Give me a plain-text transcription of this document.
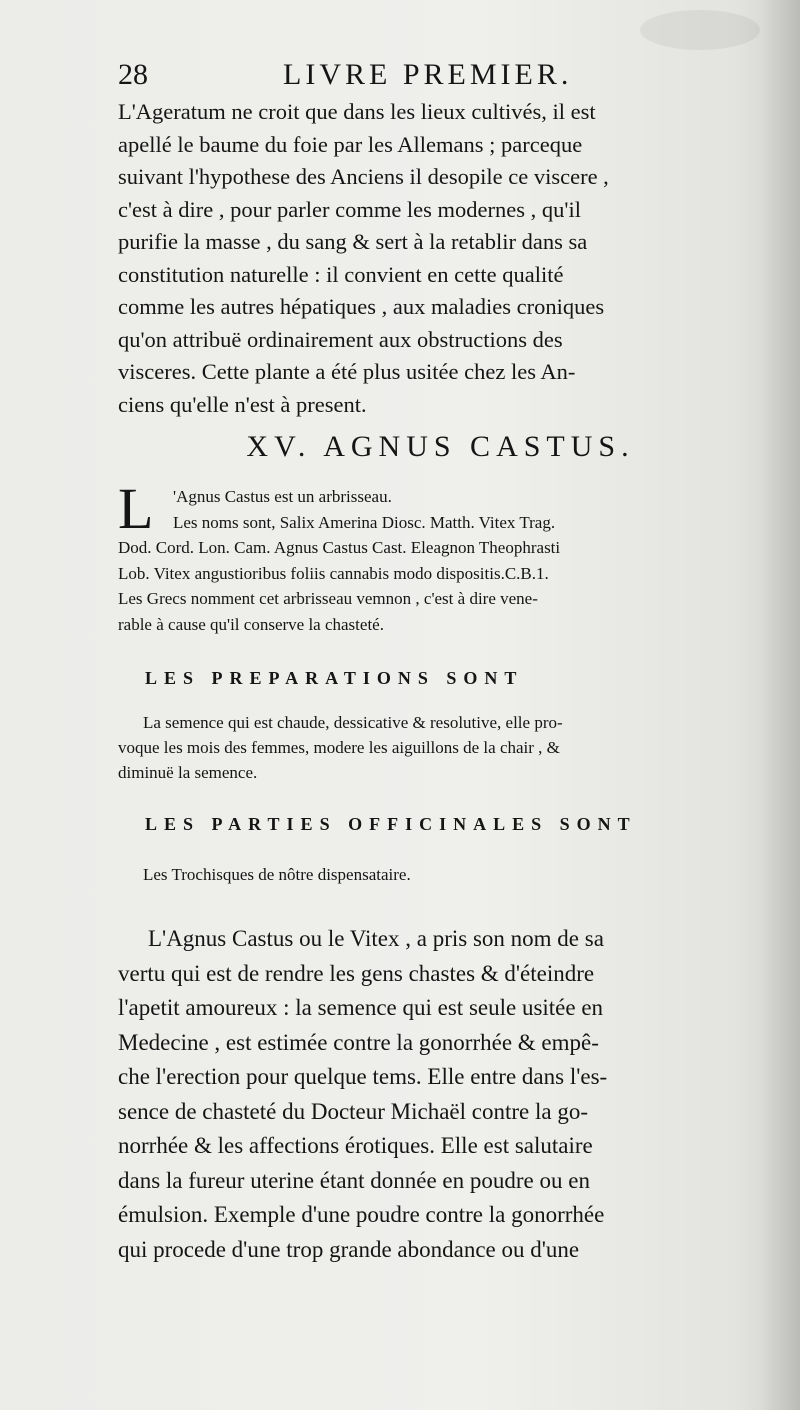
28	LIVRE PREMIER.
L'Ageratum ne croit que dans les lieux cultivés, il est
apellé le baume du foie par les Allemans ; parceque
suivant l'hypothese des Anciens il desopile ce viscere ,
c'est à dire , pour parler comme les modernes , qu'il
purifie la masse , du sang & sert à la retablir dans sa
constitution naturelle : il convient en cette qualité
comme les autres hépatiques , aux maladies croniques
qu'on attribuë ordinairement aux obstructions des
visceres. Cette plante a été plus usitée chez les An-
ciens qu'elle n'est à present.
XV. AGNUS CASTUS.
L	'Agnus Castus est un arbrisseau.
Les noms sont, Salix Amerina Diosc. Matth. Vitex Trag.
Dod. Cord. Lon. Cam. Agnus Castus Cast. Eleagnon Theophrasti
Lob. Vitex angustioribus foliis cannabis modo dispositis.C.B.1.
Les Grecs nomment cet arbrisseau vemnon , c'est à dire vene-
rable à cause qu'il conserve la chasteté.
LES PREPARATIONS SONT
La semence qui est chaude, dessicative & resolutive, elle pro-
voque les mois des femmes, modere les aiguillons de la chair , &
diminuë la semence.
LES PARTIES OFFICINALES SONT
Les Trochisques de nôtre dispensataire.
L'Agnus Castus ou le Vitex , a pris son nom de sa
vertu qui est de rendre les gens chastes & d'éteindre
l'apetit amoureux : la semence qui est seule usitée en
Medecine , est estimée contre la gonorrhée & empê-
che l'erection pour quelque tems. Elle entre dans l'es-
sence de chasteté du Docteur Michaël contre la go-
norrhée & les affections érotiques. Elle est salutaire
dans la fureur uterine étant donnée en poudre ou en
émulsion. Exemple d'une poudre contre la gonorrhée
qui procede d'une trop grande abondance ou d'une
